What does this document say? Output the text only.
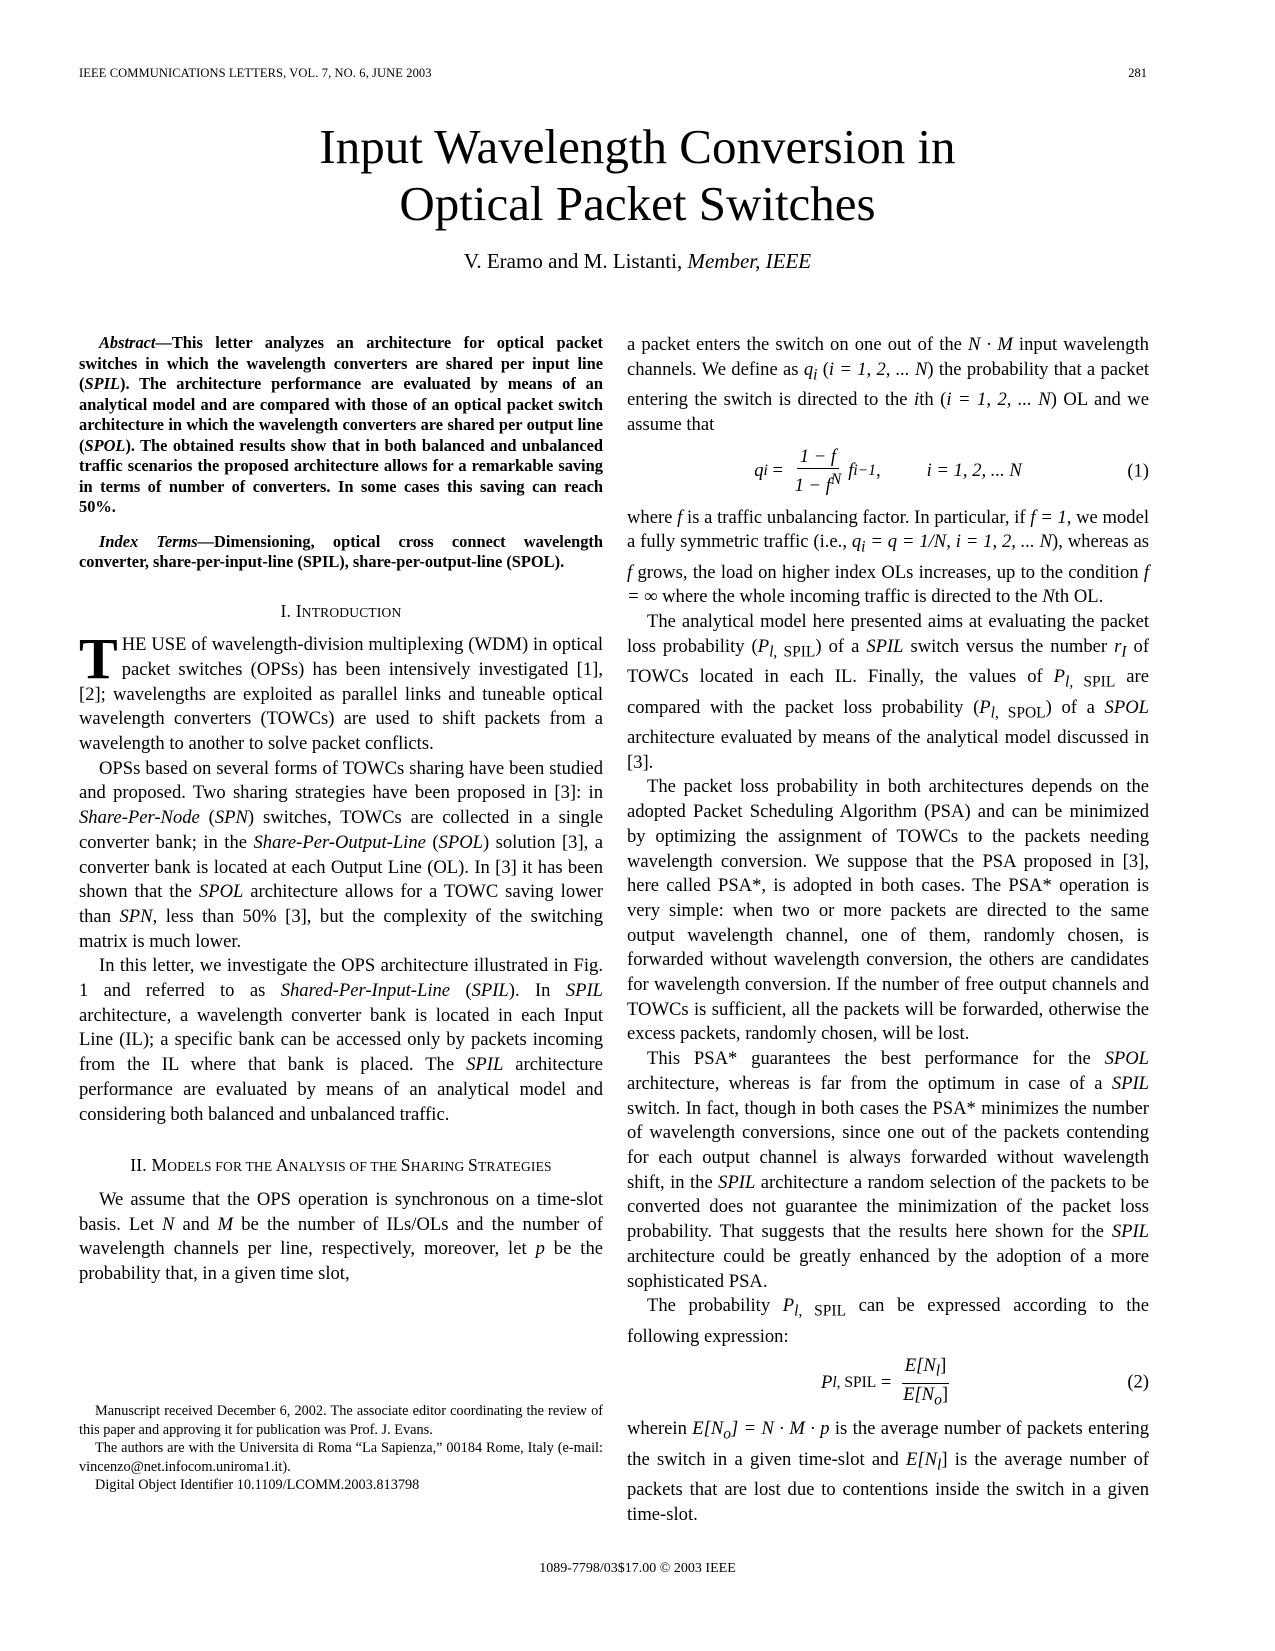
IEEE COMMUNICATIONS LETTERS, VOL. 7, NO. 6, JUNE 2003	281
Input Wavelength Conversion in
Optical Packet Switches
V. Eramo and M. Listanti, Member, IEEE

Abstract—This letter analyzes an architecture for optical packet switches in which the wavelength converters are shared per input line (SPIL). The architecture performance are evaluated by means of an analytical model and are compared with those of an optical packet switch architecture in which the wavelength converters are shared per output line (SPOL). The obtained results show that in both balanced and unbalanced traffic scenarios the proposed architecture allows for a remarkable saving in terms of number of converters. In some cases this saving can reach 50%.

Index Terms—Dimensioning, optical cross connect wavelength converter, share-per-input-line (SPIL), share-per-output-line (SPOL).

I. INTRODUCTION

THE USE of wavelength-division multiplexing (WDM) in optical packet switches (OPSs) has been intensively investigated [1], [2]; wavelengths are exploited as parallel links and tuneable optical wavelength converters (TOWCs) are used to shift packets from a wavelength to another to solve packet conflicts.

OPSs based on several forms of TOWCs sharing have been studied and proposed. Two sharing strategies have been proposed in [3]: in Share-Per-Node (SPN) switches, TOWCs are collected in a single converter bank; in the Share-Per-Output-Line (SPOL) solution [3], a converter bank is located at each Output Line (OL). In [3] it has been shown that the SPOL architecture allows for a TOWC saving lower than SPN, less than 50% [3], but the complexity of the switching matrix is much lower.

In this letter, we investigate the OPS architecture illustrated in Fig. 1 and referred to as Shared-Per-Input-Line (SPIL). In SPIL architecture, a wavelength converter bank is located in each Input Line (IL); a specific bank can be accessed only by packets incoming from the IL where that bank is placed. The SPIL architecture performance are evaluated by means of an analytical model and considering both balanced and unbalanced traffic.

II. MODELS FOR THE ANALYSIS OF THE SHARING STRATEGIES

We assume that the OPS operation is synchronous on a time-slot basis. Let N and M be the number of ILs/OLs and the number of wavelength channels per line, respectively, moreover, let p be the probability that, in a given time slot,

Manuscript received December 6, 2002. The associate editor coordinating the review of this paper and approving it for publication was Prof. J. Evans.

The authors are with the Universita di Roma “La Sapienza,” 00184 Rome, Italy (e-mail: vincenzo@net.infocom.uniroma1.it).

Digital Object Identifier 10.1109/LCOMM.2003.813798

a packet enters the switch on one out of the N · M input wavelength channels. We define as $q_i$ (i = 1, 2, ... N) the probability that a packet entering the switch is directed to the ith (i = 1, 2, ... N) OL and we assume that

q $i = \frac{1 - f}{1 - f^N}$ f i−1 , i = 1, 2, ... N	(1)

where f is a traffic unbalancing factor. In particular, if f = 1, we model a fully symmetric traffic (i.e., $q_i = q = 1/N$, i = 1, 2, ... N), whereas as f grows, the load on higher index OLs increases, up to the condition f = ∞ where the whole incoming traffic is directed to the Nth OL.

The analytical model here presented aims at evaluating the packet loss probability $(P_{l, SPIL})$ of a SPIL switch versus the number $r_I$ of TOWCs located in each IL. Finally, the values of $P_{l, SPIL}$ are compared with the packet loss probability $(P_{l, SPOL})$ of a SPOL architecture evaluated by means of the analytical model discussed in [3].

The packet loss probability in both architectures depends on the adopted Packet Scheduling Algorithm (PSA) and can be minimized by optimizing the assignment of TOWCs to the packets needing wavelength conversion. We suppose that the PSA proposed in [3], here called PSA*, is adopted in both cases. The PSA* operation is very simple: when two or more packets are directed to the same output wavelength channel, one of them, randomly chosen, is forwarded without wavelength conversion, the others are candidates for wavelength conversion. If the number of free output channels and TOWCs is sufficient, all the packets will be forwarded, otherwise the excess packets, randomly chosen, will be lost.

This PSA* guarantees the best performance for the SPOL architecture, whereas is far from the optimum in case of a SPIL switch. In fact, though in both cases the PSA* minimizes the number of wavelength conversions, since one out of the packets contending for each output channel is always forwarded without wavelength shift, in the SPIL architecture a random selection of the packets to be converted does not guarantee the minimization of the packet loss probability. That suggests that the results here shown for the SPIL architecture could be greatly enhanced by the adoption of a more sophisticated PSA.

The probability $P_{l, SPIL}$ can be expressed according to the following expression:

P l, SPIL = $\frac{E[N_l]}{E[N_o]}$	(2)

wherein $E[N_o] = N \cdot M \cdot p$ is the average number of packets entering the switch in a given time-slot and $E[N_l]$ is the average number of packets that are lost due to contentions inside the switch in a given time-slot.

1089-7798/03$17.00 © 2003 IEEE
